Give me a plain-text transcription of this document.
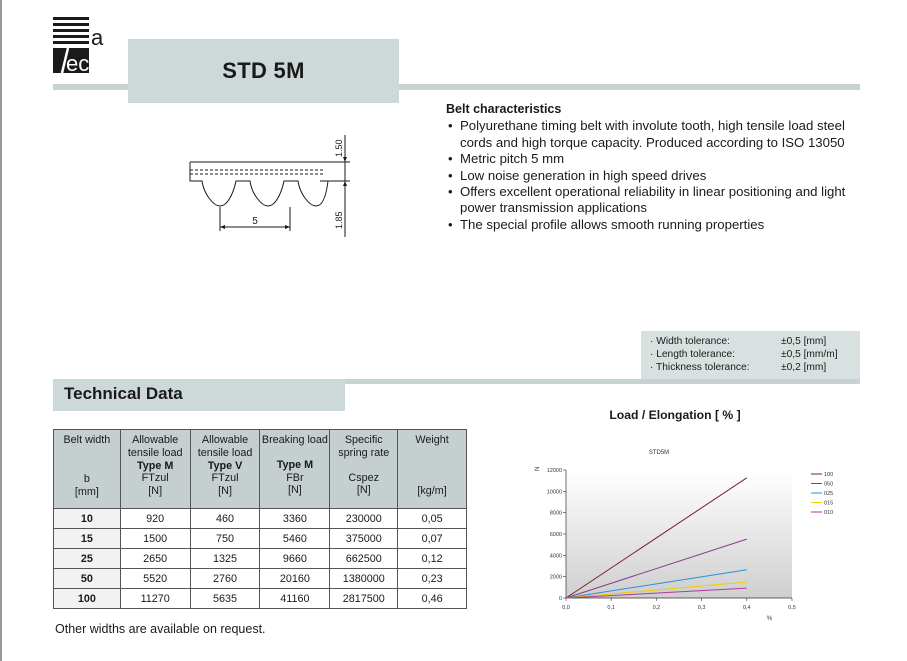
a
ech	STD 5M
5
1.50
1.85
Belt characteristics
• Polyurethane timing belt with involute tooth, high tensile load steel cords and high torque capacity. Produced according to ISO 13050
• Metric pitch 5 mm
• Low noise generation in high speed drives
• Offers excellent operational reliability in linear positioning and light power transmission applications
• The special profile allows smooth running properties
· Width tolerance:	±0,5 [mm]
· Length tolerance:	±0,5 [mm/m]
· Thickness tolerance:	±0,2 [mm]
Technical Data
Belt width
b
[mm]	Allowable
tensile load
Type M
FTzul
[N]	Allowable
tensile load
Type V
FTzul
[N]	Breaking load
Type M
FBr
[N]	Specific
spring rate
Cspez
[N]	Weight
[kg/m]

10	920	460	3360	230000	0,05
15	1500	750	5460	375000	0,07
25	2650	1325	9660	662500	0,12
50	5520	2760	20160	1380000	0,23
100	11270	5635	41160	2817500	0,46
Other widths are available on request.
Load / Elongation [ % ]
STD5M
N
%
0
2000
4000
6000
8000
10000
12000
0,0	0,1	0,2	0,3	0,4	0,5
100
050
025
015
010
